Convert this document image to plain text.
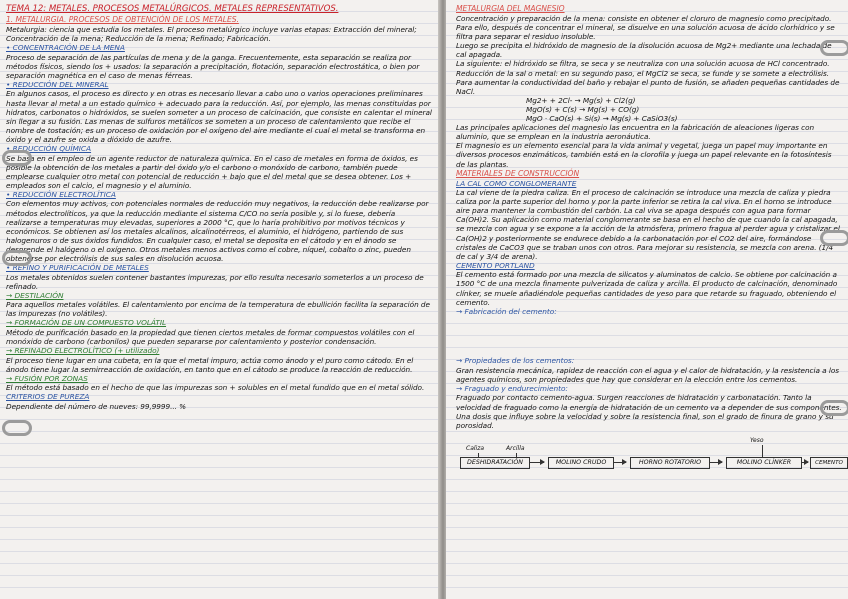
TEMA 12: METALES. PROCESOS METALÚRGICOS. METALES REPRESENTATIVOS.

1. METALURGIA. PROCESOS DE OBTENCIÓN DE LOS METALES.

Metalurgia: ciencia que estudia los metales. El proceso metalúrgico incluye varias etapas: Extracción del mineral; Concentración de la mena; Reducción de la mena; Refinado; Fabricación.

• CONCENTRACIÓN DE LA MENA

Proceso de separación de las partículas de mena y de la ganga. Frecuentemente, esta separación se realiza por métodos físicos, siendo los + usados: la separación a precipitación, flotación, separación electrostática, o bien por separación magnética en el caso de menas férreas.

• REDUCCIÓN DEL MINERAL

En algunos casos, el proceso es directo y en otras es necesario llevar a cabo uno o varios operaciones preliminares hasta llevar al metal a un estado químico + adecuado para la reducción. Así, por ejemplo, las menas constituidas por hidratos, carbonatos o hidróxidos, se suelen someter a un proceso de calcinación, que consiste en calentar el mineral sin llegar a su fusión. Las menas de sulfuros metálicos se someten a un proceso de calentamiento que recibe el nombre de tostación; es un proceso de oxidación por el oxígeno del aire mediante el cual el metal se transforma en óxido y el azufre se oxida a dióxido de azufre.

• REDUCCIÓN QUÍMICA

Se basa en el empleo de un agente reductor de naturaleza química. En el caso de metales en forma de óxidos, es posible la obtención de los metales a partir del óxido y/o el carbono o monóxido de carbono, también puede emplearse cualquier otro metal con potencial de reducción + bajo que el del metal que se desea obtener. Los + empleados son el calcio, el magnesio y el aluminio.

• REDUCCIÓN ELECTROLÍTICA

Con elementos muy activos, con potenciales normales de reducción muy negativos, la reducción debe realizarse por métodos electrolíticos, ya que la reducción mediante el sistema C/CO no sería posible y, si lo fuese, debería realizarse a temperaturas muy elevadas, superiores a 2000 °C, que lo haría prohibitivo por motivos técnicos y económicos. Se obtienen así los metales alcalinos, alcalinotérreos, el aluminio, el hidrógeno, partiendo de sus halogenuros o de sus óxidos fundidos. En cualquier caso, el metal se deposita en el cátodo y en el ánodo se desprende el halógeno o el oxígeno. Otros metales menos activos como el cobre, níquel, cobalto o zinc, pueden obtenerse por electrólisis de sus sales en disolución acuosa.

• REFINO Y PURIFICACIÓN DE METALES

Los metales obtenidos suelen contener bastantes impurezas, por ello resulta necesario someterlos a un proceso de refinado.

→ DESTILACIÓN

Para aquellos metales volátiles. El calentamiento por encima de la temperatura de ebullición facilita la separación de las impurezas (no volátiles).

→ FORMACIÓN DE UN COMPUESTO VOLÁTIL

Método de purificación basado en la propiedad que tienen ciertos metales de formar compuestos volátiles con el monóxido de carbono (carbonilos) que pueden separarse por calentamiento y posterior condensación.

→ REFINADO ELECTROLÍTICO (+ utilizado)

El proceso tiene lugar en una cubeta, en la que el metal impuro, actúa como ánodo y el puro como cátodo. En el ánodo tiene lugar la semirreacción de oxidación, en tanto que en el cátodo se produce la reacción de reducción.

→ FUSIÓN POR ZONAS

El método está basado en el hecho de que las impurezas son + solubles en el metal fundido que en el metal sólido.

CRITERIOS DE PUREZA

Dependiente del número de nueves: 99,9999... %

METALURGIA DEL MAGNESIO

Concentración y preparación de la mena: consiste en obtener el cloruro de magnesio como precipitado. Para ello, después de concentrar el mineral, se disuelve en una solución acuosa de ácido clorhídrico y se filtra para separar el residuo insoluble.

Luego se precipita el hidróxido de magnesio de la disolución acuosa de Mg2+ mediante una lechada de cal apagada.

La siguiente: el hidróxido se filtra, se seca y se neutraliza con una solución acuosa de HCl concentrado.

Reducción de la sal o metal: en su segundo paso, el MgCl2 se seca, se funde y se somete a electrólisis. Para aumentar la conductividad del baño y rebajar el punto de fusión, se añaden pequeñas cantidades de NaCl.

Mg2+ + 2Cl- → Mg(s) + Cl2(g)

MgO(s) + C(s) → Mg(s) + CO(g)

MgO · CaO(s) + Si(s) → Mg(s) + CaSiO3(s)

Las principales aplicaciones del magnesio las encuentra en la fabricación de aleaciones ligeras con aluminio, que se emplean en la industria aeronáutica.

El magnesio es un elemento esencial para la vida animal y vegetal, juega un papel muy importante en diversos procesos enzimáticos, también está en la clorofila y juega un papel relevante en la fotosíntesis de las plantas.

MATERIALES DE CONSTRUCCIÓN

LA CAL COMO CONGLOMERANTE

La cal viene de la piedra caliza. En el proceso de calcinación se introduce una mezcla de caliza y piedra caliza por la parte superior del horno y por la parte inferior se retira la cal viva. En el horno se introduce aire para mantener la combustión del carbón. La cal viva se apaga después con agua para formar Ca(OH)2. Su aplicación como material conglomerante se basa en el hecho de que cuando la cal apagada, se mezcla con agua y se expone a la acción de la atmósfera, primero fragua al perder agua y cristalizar el Ca(OH)2 y posteriormente se endurece debido a la carbonatación por el CO2 del aire, formándose cristales de CaCO3 que se traban unos con otros. Para mejorar su resistencia, se mezcla con arena. (1/4 de cal y 3/4 de arena).

CEMENTO PORTLAND

El cemento está formado por una mezcla de silicatos y aluminatos de calcio. Se obtiene por calcinación a 1500 °C de una mezcla finamente pulverizada de caliza y arcilla. El producto de calcinación, denominado clínker, se muele añadiéndole pequeñas cantidades de yeso para que retarde su fraguado, obteniendo el cemento.

→ Fabricación del cemento:

→ Propiedades de los cementos:

Gran resistencia mecánica, rapidez de reacción con el agua y el calor de hidratación, y la resistencia a los agentes químicos, son propiedades que hay que considerar en la elección entre los cementos.

→ Fraguado y endurecimiento:

Fraguado por contacto cemento-agua. Surgen reacciones de hidratación y carbonatación. Tanto la velocidad de fraguado como la energía de hidratación de un cemento va a depender de sus componentes.

Una dosis que influye sobre la velocidad y sobre la resistencia final, son el grado de finura de grano y su porosidad.

Caliza	Arcilla
Yeso
DESHIDRATACIÓN	MOLINO CRUDO	HORNO ROTATORIO	MOLINO CLÍNKER	CEMENTO
